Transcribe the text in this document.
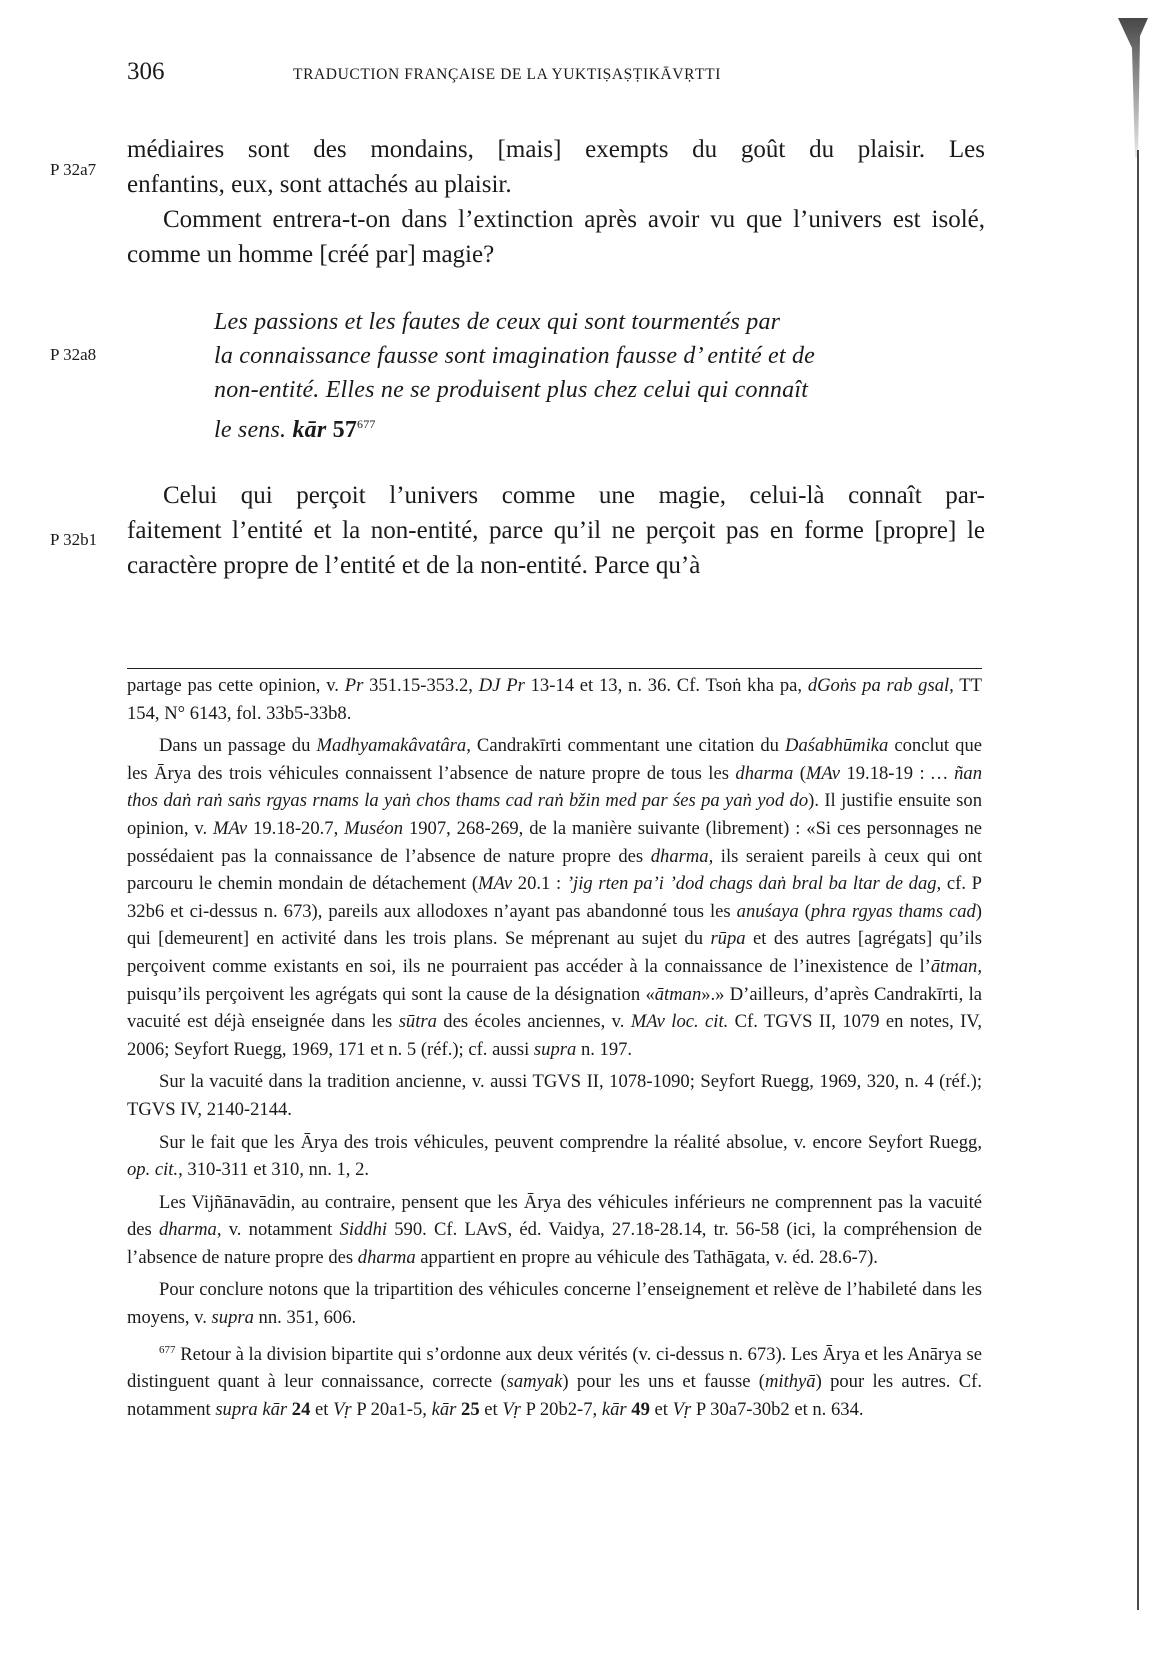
306	TRADUCTION FRANÇAISE DE LA YUKTIṢAṢṬIKĀVṚTTI
P 32a7
P 32a8
P 32b1
médiaires sont des mondains, [mais] exempts du goût du plaisir. Les
enfantins, eux, sont attachés au plaisir.

Comment entrera-t-on dans l’extinction après avoir vu que l’univers est isolé, comme un homme [créé par] magie?

Les passions et les fautes de ceux qui sont tourmentés par
la connaissance fausse sont imagination fausse d’ entité et de
non-entité. Elles ne se produisent plus chez celui qui connaît
le sens. kār $57^{677}$
Celui qui perçoit l’univers comme une magie, celui-là connaît par-

faitement l’entité et la non-entité, parce qu’il ne perçoit pas en forme [propre] le caractère propre de l’entité et de la non-entité. Parce qu’à

partage pas cette opinion, v. Pr 351.15-353.2, DJ Pr 13-14 et 13, n. 36. Cf. Tsoṅ kha pa, dGoṅs pa rab gsal, TT 154, N° 6143, fol. 33b5-33b8.

Dans un passage du Madhyamakâvatâra, Candrakīrti commentant une citation du Daśabhūmika conclut que les Ārya des trois véhicules connaissent l’absence de nature propre de tous les dharma (MAv 19.18-19 : … ñan thos daṅ raṅ saṅs rgyas rnams la yaṅ chos thams cad raṅ bžin med par śes pa yaṅ yod do). Il justifie ensuite son opinion, v. MAv 19.18-20.7, Muséon 1907, 268-269, de la manière suivante (librement) : «Si ces personnages ne possédaient pas la connaissance de l’absence de nature propre des dharma, ils seraient pareils à ceux qui ont parcouru le chemin mondain de détachement (MAv 20.1 : ’jig rten pa’i ’dod chags daṅ bral ba ltar de dag, cf. P 32b6 et ci-dessus n. 673), pareils aux allodoxes n’ayant pas abandonné tous les anuśaya (phra rgyas thams cad) qui [demeurent] en activité dans les trois plans. Se méprenant au sujet du rūpa et des autres [agrégats] qu’ils perçoivent comme existants en soi, ils ne pourraient pas accéder à la connaissance de l’inexistence de l’ātman, puisqu’ils perçoivent les agrégats qui sont la cause de la désignation «ātman».» D’ailleurs, d’après Candrakīrti, la vacuité est déjà enseignée dans les sūtra des écoles anciennes, v. MAv loc. cit. Cf. TGVS II, 1079 en notes, IV, 2006; Seyfort Ruegg, 1969, 171 et n. 5 (réf.); cf. aussi supra n. 197.

Sur la vacuité dans la tradition ancienne, v. aussi TGVS II, 1078-1090; Seyfort Ruegg, 1969, 320, n. 4 (réf.); TGVS IV, 2140-2144.

Sur le fait que les Ārya des trois véhicules, peuvent comprendre la réalité absolue, v. encore Seyfort Ruegg, op. cit., 310-311 et 310, nn. 1, 2.

Les Vijñānavādin, au contraire, pensent que les Ārya des véhicules inférieurs ne comprennent pas la vacuité des dharma, v. notamment Siddhi 590. Cf. LAvS, éd. Vaidya, 27.18-28.14, tr. 56-58 (ici, la compréhension de l’absence de nature propre des dharma appartient en propre au véhicule des Tathāgata, v. éd. 28.6-7).

Pour conclure notons que la tripartition des véhicules concerne l’enseignement et relève de l’habileté dans les moyens, v. supra nn. 351, 606.

$^{677}$ Retour à la division bipartite qui s’ordonne aux deux vérités (v. ci-dessus n. 673). Les Ārya et les Anārya se distinguent quant à leur connaissance, correcte (samyak) pour les uns et fausse (mithyā) pour les autres. Cf. notamment supra kār 24 et Vṛ P 20a1-5, kār 25 et Vṛ P 20b2-7, kār 49 et Vṛ P 30a7-30b2 et n. 634.
